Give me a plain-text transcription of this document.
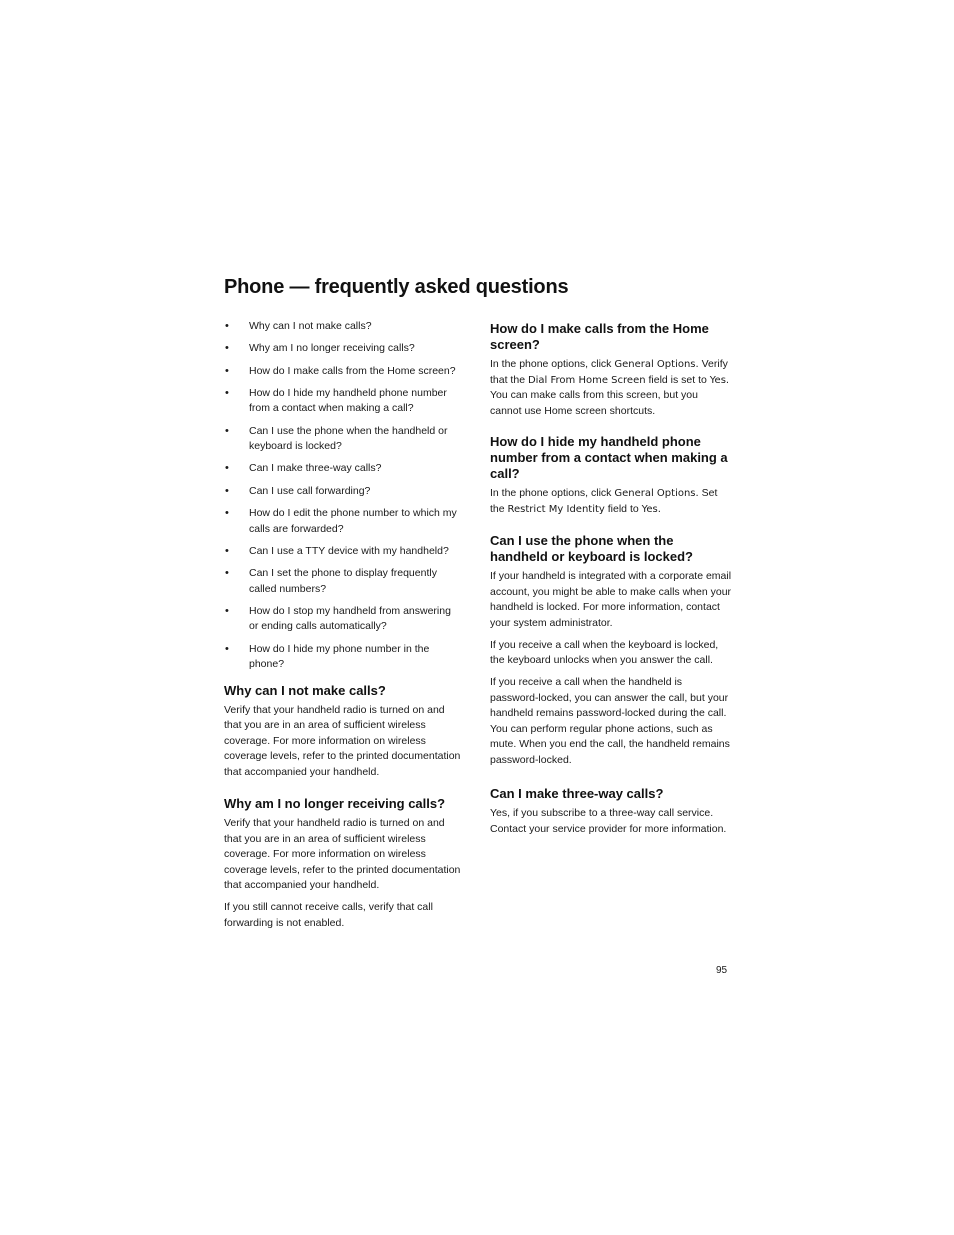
Phone — frequently asked questions
• Why can I not make calls?
• Why am I no longer receiving calls?
• How do I make calls from the Home screen?
• How do I hide my handheld phone number from a contact when making a call?
• Can I use the phone when the handheld or keyboard is locked?
• Can I make three-way calls?
• Can I use call forwarding?
• How do I edit the phone number to which my calls are forwarded?
• Can I use a TTY device with my handheld?
• Can I set the phone to display frequently called numbers?
• How do I stop my handheld from answering or ending calls automatically?
• How do I hide my phone number in the phone?
Why can I not make calls?

Verify that your handheld radio is turned on and that you are in an area of sufficient wireless coverage. For more information on wireless coverage levels, refer to the printed documentation that accompanied your handheld.

Why am I no longer receiving calls?

Verify that your handheld radio is turned on and that you are in an area of sufficient wireless coverage. For more information on wireless coverage levels, refer to the printed documentation that accompanied your handheld.

If you still cannot receive calls, verify that call forwarding is not enabled.

How do I make calls from the Home screen?

In the phone options, click General Options. Verify that the Dial From Home Screen field is set to Yes. You can make calls from this screen, but you cannot use Home screen shortcuts.

How do I hide my handheld phone number from a contact when making a call?

In the phone options, click General Options. Set the Restrict My Identity field to Yes.

Can I use the phone when the handheld or keyboard is locked?

If your handheld is integrated with a corporate email account, you might be able to make calls when your handheld is locked. For more information, contact your system administrator.

If you receive a call when the keyboard is locked, the keyboard unlocks when you answer the call.

If you receive a call when the handheld is password-locked, you can answer the call, but your handheld remains password-locked during the call. You can perform regular phone actions, such as mute. When you end the call, the handheld remains password-locked.

Can I make three-way calls?

Yes, if you subscribe to a three-way call service. Contact your service provider for more information.

95
